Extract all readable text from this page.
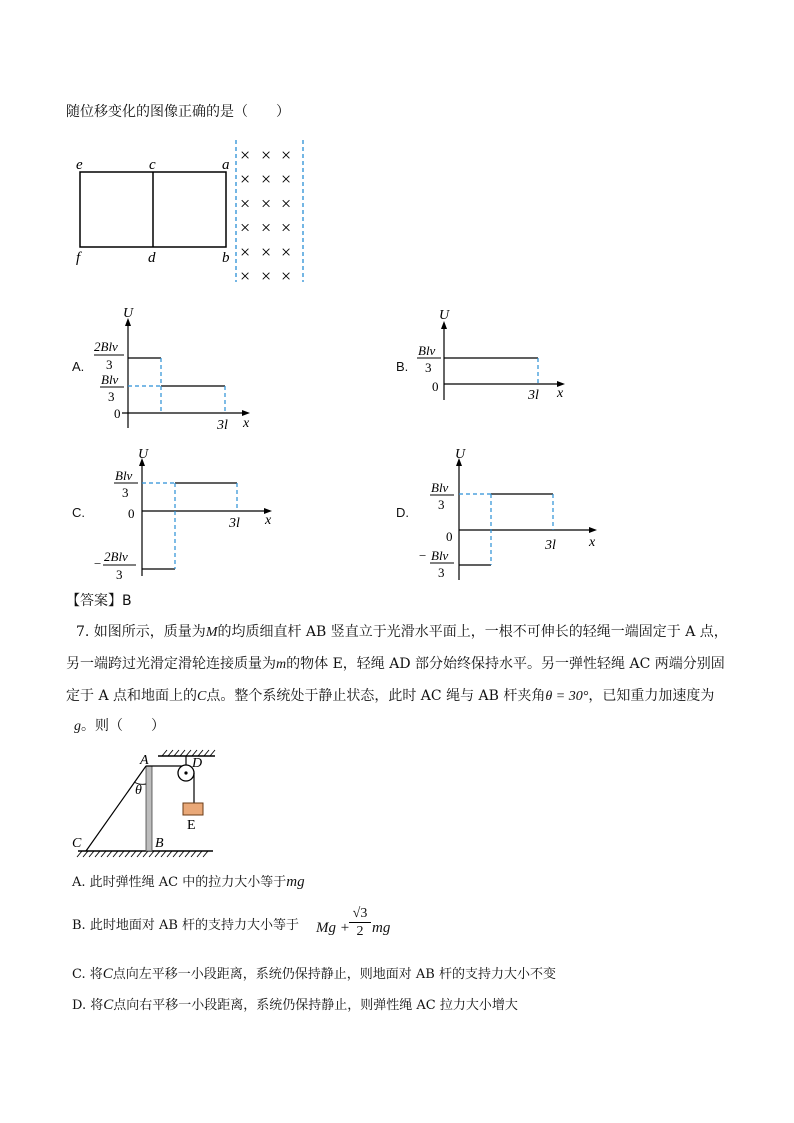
随位移变化的图像正确的是（　　）
e	c	a
f	d	b
× × ×
× × ×
× × ×
× × ×
× × ×
× × ×
U
x
0
3l
2Blv
3
Blv
3
A.
U
x
0
3l
Blv
3
B.
U
x
0
3l
Blv
3
− 2Blv
3
C.
U
x
0
3l
Blv
3
− Blv
3
D.
【答案】B
7. 如图所示，质量为M的均质细直杆 AB 竖直立于光滑水平面上，一根不可伸长的轻绳一端固定于 A 点，
另一端跨过光滑定滑轮连接质量为m的物体 E，轻绳 AD 部分始终保持水平。另一弹性轻绳 AC 两端分别固
定于 A 点和地面上的C点。整个系统处于静止状态，此时 AC 绳与 AB 杆夹角θ = 30°，已知重力加速度为
g。则（　　）
A	D
θ
E
C	B
A. 此时弹性绳 AC 中的拉力大小等于mg
B. 此时地面对 AB 杆的支持力大小等于 $Mg + \frac{√3}{2}$ mg
C. 将C点向左平移一小段距离，系统仍保持静止，则地面对 AB 杆的支持力大小不变
D. 将C点向右平移一小段距离，系统仍保持静止，则弹性绳 AC 拉力大小增大
